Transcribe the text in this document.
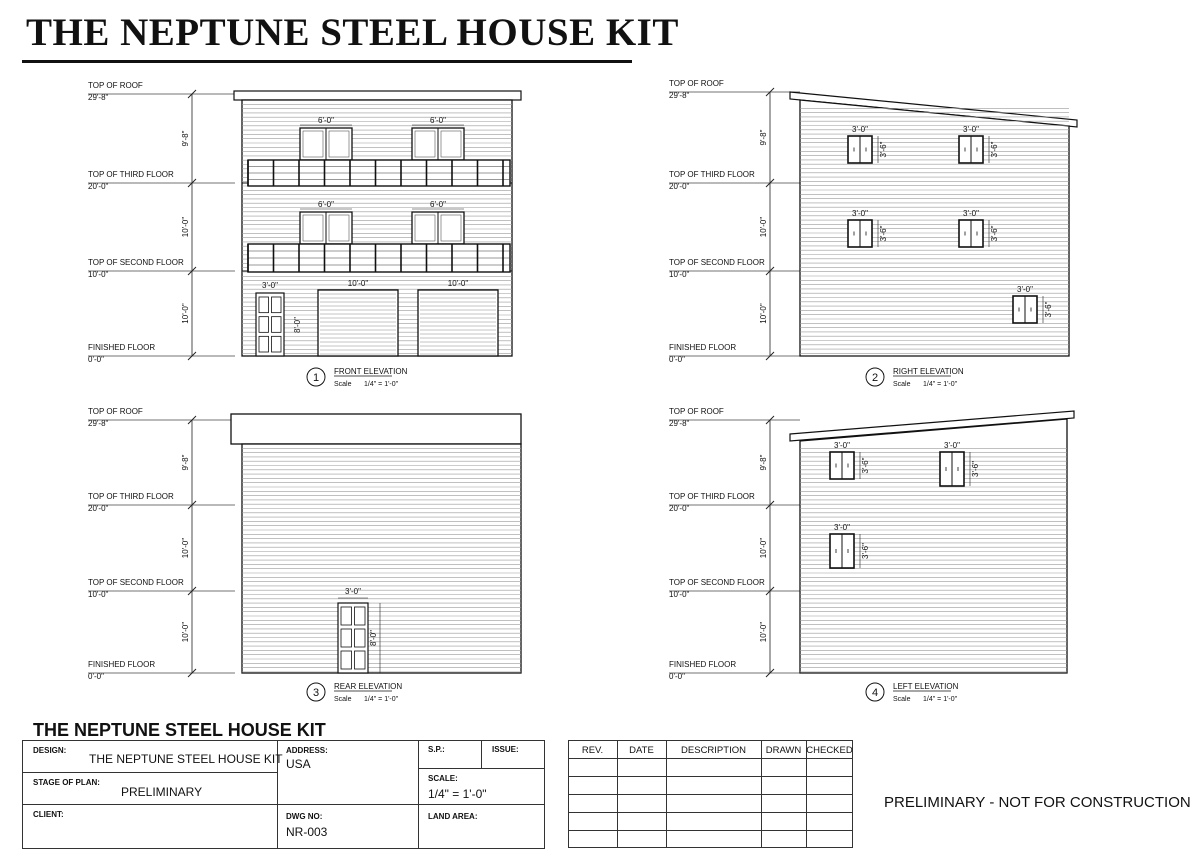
THE NEPTUNE STEEL HOUSE KIT
TOP OF ROOF
29'-8"
TOP OF THIRD FLOOR
20'-0"
TOP OF SECOND FLOOR
10'-0"
FINISHED FLOOR
0'-0"
9'-8"
10'-0"
10'-0"
6'-0"	6'-0"
6'-0"	6'-0"
3'-0"
8'-0"
10'-0"	10'-0"
1
FRONT ELEVATION
Scale 1/4" = 1'-0"
TOP OF ROOF
29'-8"
TOP OF THIRD FLOOR
20'-0"
TOP OF SECOND FLOOR
10'-0"
FINISHED FLOOR
0'-0"
9'-8"
10'-0"
10'-0"
3'-0"
3'-6"
3'-0"
3'-6"
3'-0"
3'-6"
3'-0"
3'-6"
3'-0"
3'-6"
2
RIGHT ELEVATION
Scale 1/4" = 1'-0"
TOP OF ROOF
29'-8"
TOP OF THIRD FLOOR
20'-0"
TOP OF SECOND FLOOR
10'-0"
FINISHED FLOOR
0'-0"
9'-8"
10'-0"
10'-0"
3'-0"
8'-0"
3
REAR ELEVATION
Scale 1/4" = 1'-0"
TOP OF ROOF
29'-8"
TOP OF THIRD FLOOR
20'-0"
TOP OF SECOND FLOOR
10'-0"
FINISHED FLOOR
0'-0"
9'-8"
10'-0"
10'-0"
3'-0"
3'-6"
3'-0"
3'-6"
3'-0"
3'-6"
4
LEFT ELEVATION
Scale 1/4" = 1'-0"
THE NEPTUNE STEEL HOUSE KIT
DESIGN:
THE NEPTUNE STEEL HOUSE KIT
STAGE OF PLAN:
PRELIMINARY
CLIENT:
ADDRESS:
USA
DWG NO:
NR-003
S.P.:	ISSUE:
SCALE:
1/4" = 1'-0"
LAND AREA:
REV.	DATE	DESCRIPTION	DRAWN CHECKED
PRELIMINARY - NOT FOR CONSTRUCTION
